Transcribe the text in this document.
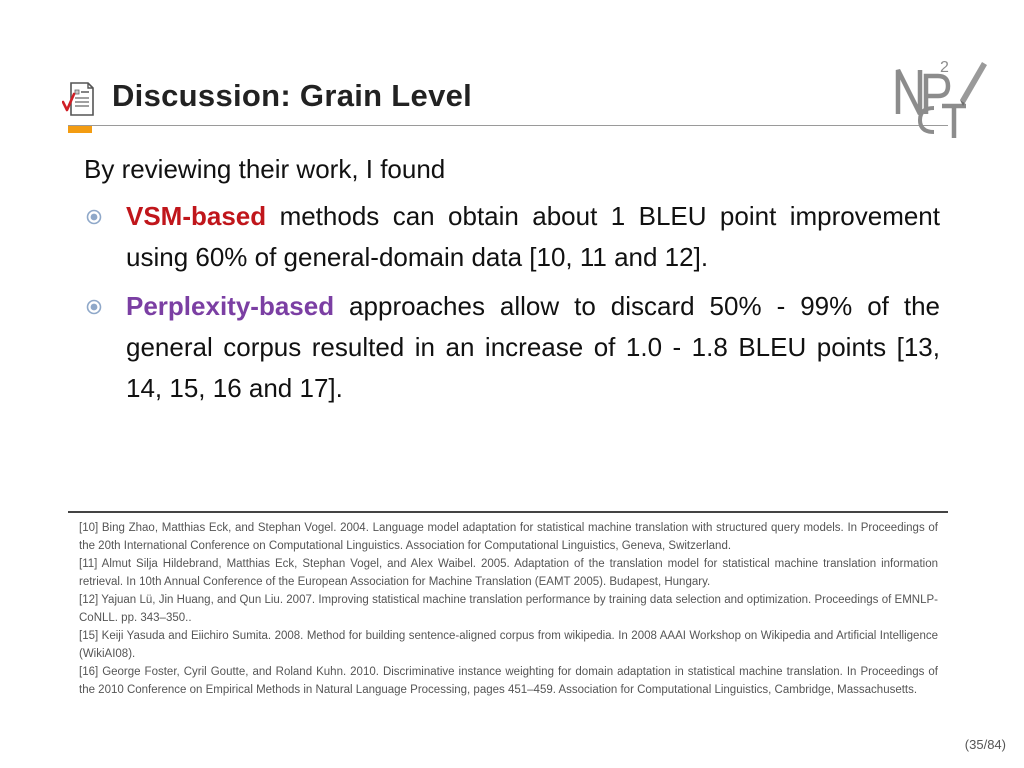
Discussion: Grain Level
2

By reviewing their work, I found

VSM-based methods can obtain about 1 BLEU point improvement using 60% of general-domain data [10, 11 and 12].
Perplexity-based approaches allow to discard 50% - 99% of the general corpus resulted in an increase of 1.0 - 1.8 BLEU points [13, 14, 15, 16 and 17].

[10] Bing Zhao, Matthias Eck, and Stephan Vogel. 2004. Language model adaptation for statistical machine translation with structured query models. In Proceedings of the 20th International Conference on Computational Linguistics. Association for Computational Linguistics, Geneva, Switzerland.

[11] Almut Silja Hildebrand, Matthias Eck, Stephan Vogel, and Alex Waibel. 2005. Adaptation of the translation model for statistical machine translation information retrieval. In 10th Annual Conference of the European Association for Machine Translation (EAMT 2005). Budapest, Hungary.

[12] Yajuan Lü, Jin Huang, and Qun Liu. 2007. Improving statistical machine translation performance by training data selection and optimization. Proceedings of EMNLP-CoNLL. pp. 343–350..

[15] Keiji Yasuda and Eiichiro Sumita. 2008. Method for building sentence-aligned corpus from wikipedia. In 2008 AAAI Workshop on Wikipedia and Artificial Intelligence (WikiAI08).

[16] George Foster, Cyril Goutte, and Roland Kuhn. 2010. Discriminative instance weighting for domain adaptation in statistical machine translation. In Proceedings of the 2010 Conference on Empirical Methods in Natural Language Processing, pages 451–459. Association for Computational Linguistics, Cambridge, Massachusetts.

(35/84)
